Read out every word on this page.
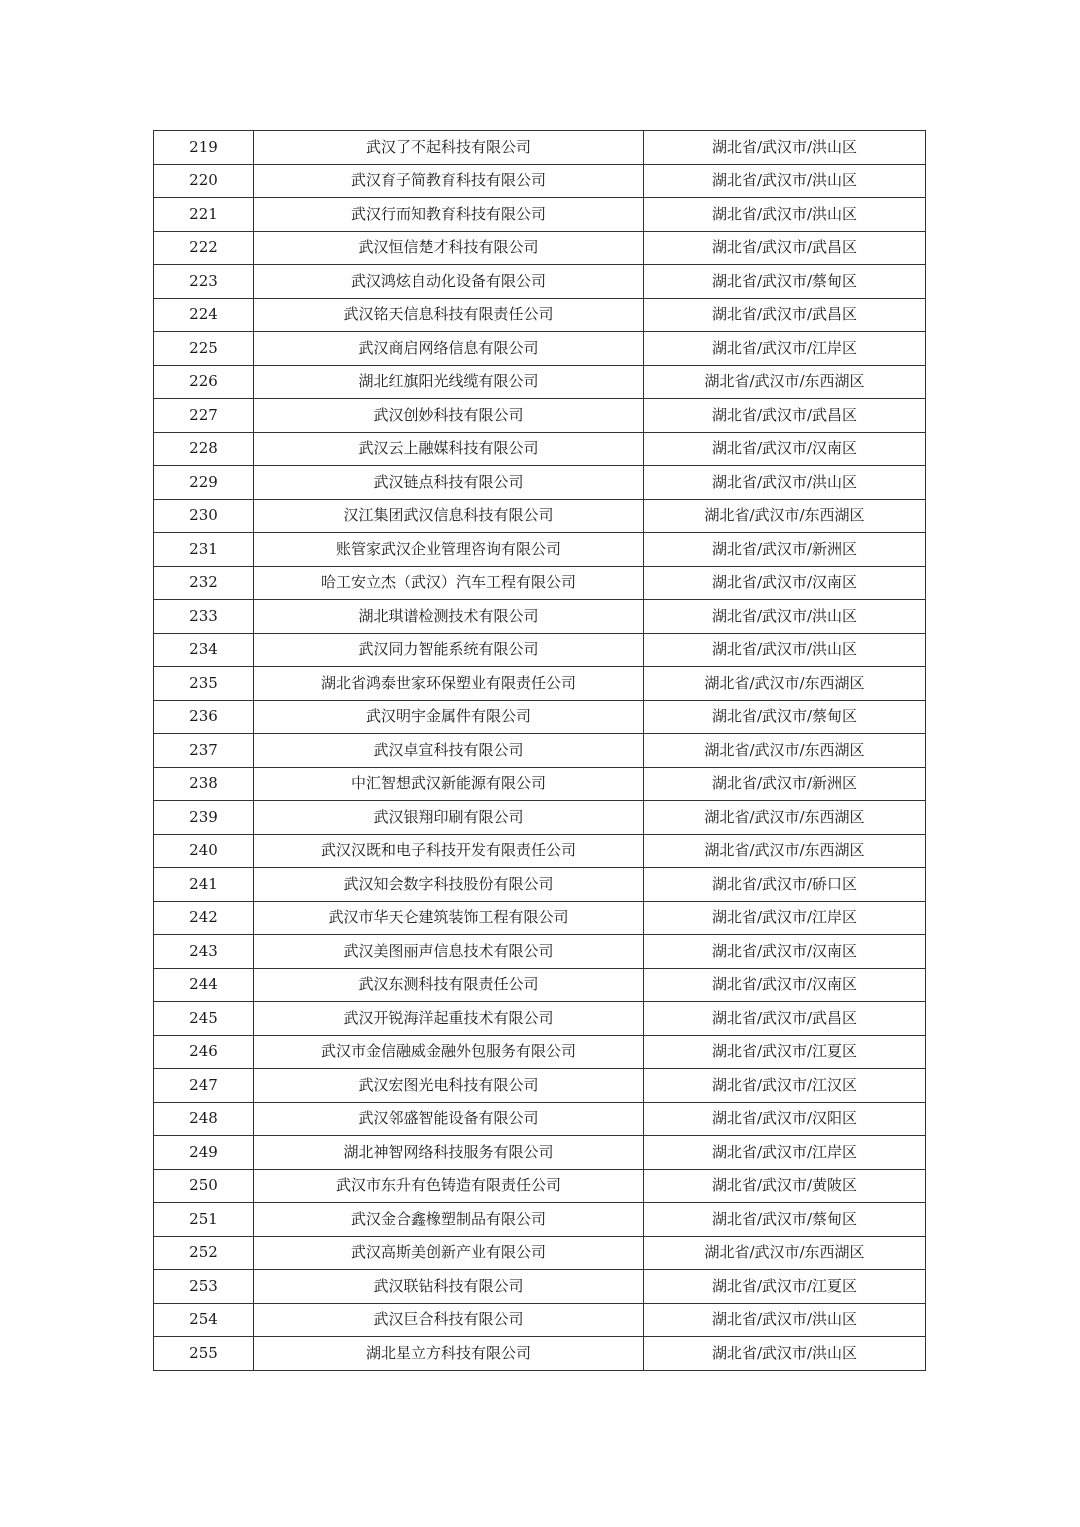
219	武汉了不起科技有限公司	湖北省/武汉市/洪山区
220	武汉育子简教育科技有限公司	湖北省/武汉市/洪山区
221	武汉行而知教育科技有限公司	湖北省/武汉市/洪山区
222	武汉恒信楚才科技有限公司	湖北省/武汉市/武昌区
223	武汉鸿炫自动化设备有限公司	湖北省/武汉市/蔡甸区
224	武汉铭天信息科技有限责任公司	湖北省/武汉市/武昌区
225	武汉商启网络信息有限公司	湖北省/武汉市/江岸区
226	湖北红旗阳光线缆有限公司	湖北省/武汉市/东西湖区
227	武汉创妙科技有限公司	湖北省/武汉市/武昌区
228	武汉云上融媒科技有限公司	湖北省/武汉市/汉南区
229	武汉链点科技有限公司	湖北省/武汉市/洪山区
230	汉江集团武汉信息科技有限公司	湖北省/武汉市/东西湖区
231	账管家武汉企业管理咨询有限公司	湖北省/武汉市/新洲区
232	哈工安立杰（武汉）汽车工程有限公司	湖北省/武汉市/汉南区
233	湖北琪谱检测技术有限公司	湖北省/武汉市/洪山区
234	武汉同力智能系统有限公司	湖北省/武汉市/洪山区
235	湖北省鸿泰世家环保塑业有限责任公司	湖北省/武汉市/东西湖区
236	武汉明宇金属件有限公司	湖北省/武汉市/蔡甸区
237	武汉卓宣科技有限公司	湖北省/武汉市/东西湖区
238	中汇智想武汉新能源有限公司	湖北省/武汉市/新洲区
239	武汉银翔印刷有限公司	湖北省/武汉市/东西湖区
240	武汉汉既和电子科技开发有限责任公司	湖北省/武汉市/东西湖区
241	武汉知会数字科技股份有限公司	湖北省/武汉市/硚口区
242	武汉市华天仑建筑装饰工程有限公司	湖北省/武汉市/江岸区
243	武汉美图丽声信息技术有限公司	湖北省/武汉市/汉南区
244	武汉东测科技有限责任公司	湖北省/武汉市/汉南区
245	武汉开锐海洋起重技术有限公司	湖北省/武汉市/武昌区
246	武汉市金信融威金融外包服务有限公司	湖北省/武汉市/江夏区
247	武汉宏图光电科技有限公司	湖北省/武汉市/江汉区
248	武汉邻盛智能设备有限公司	湖北省/武汉市/汉阳区
249	湖北神智网络科技服务有限公司	湖北省/武汉市/江岸区
250	武汉市东升有色铸造有限责任公司	湖北省/武汉市/黄陂区
251	武汉金合鑫橡塑制品有限公司	湖北省/武汉市/蔡甸区
252	武汉高斯美创新产业有限公司	湖北省/武汉市/东西湖区
253	武汉联钻科技有限公司	湖北省/武汉市/江夏区
254	武汉巨合科技有限公司	湖北省/武汉市/洪山区
255	湖北星立方科技有限公司	湖北省/武汉市/洪山区
